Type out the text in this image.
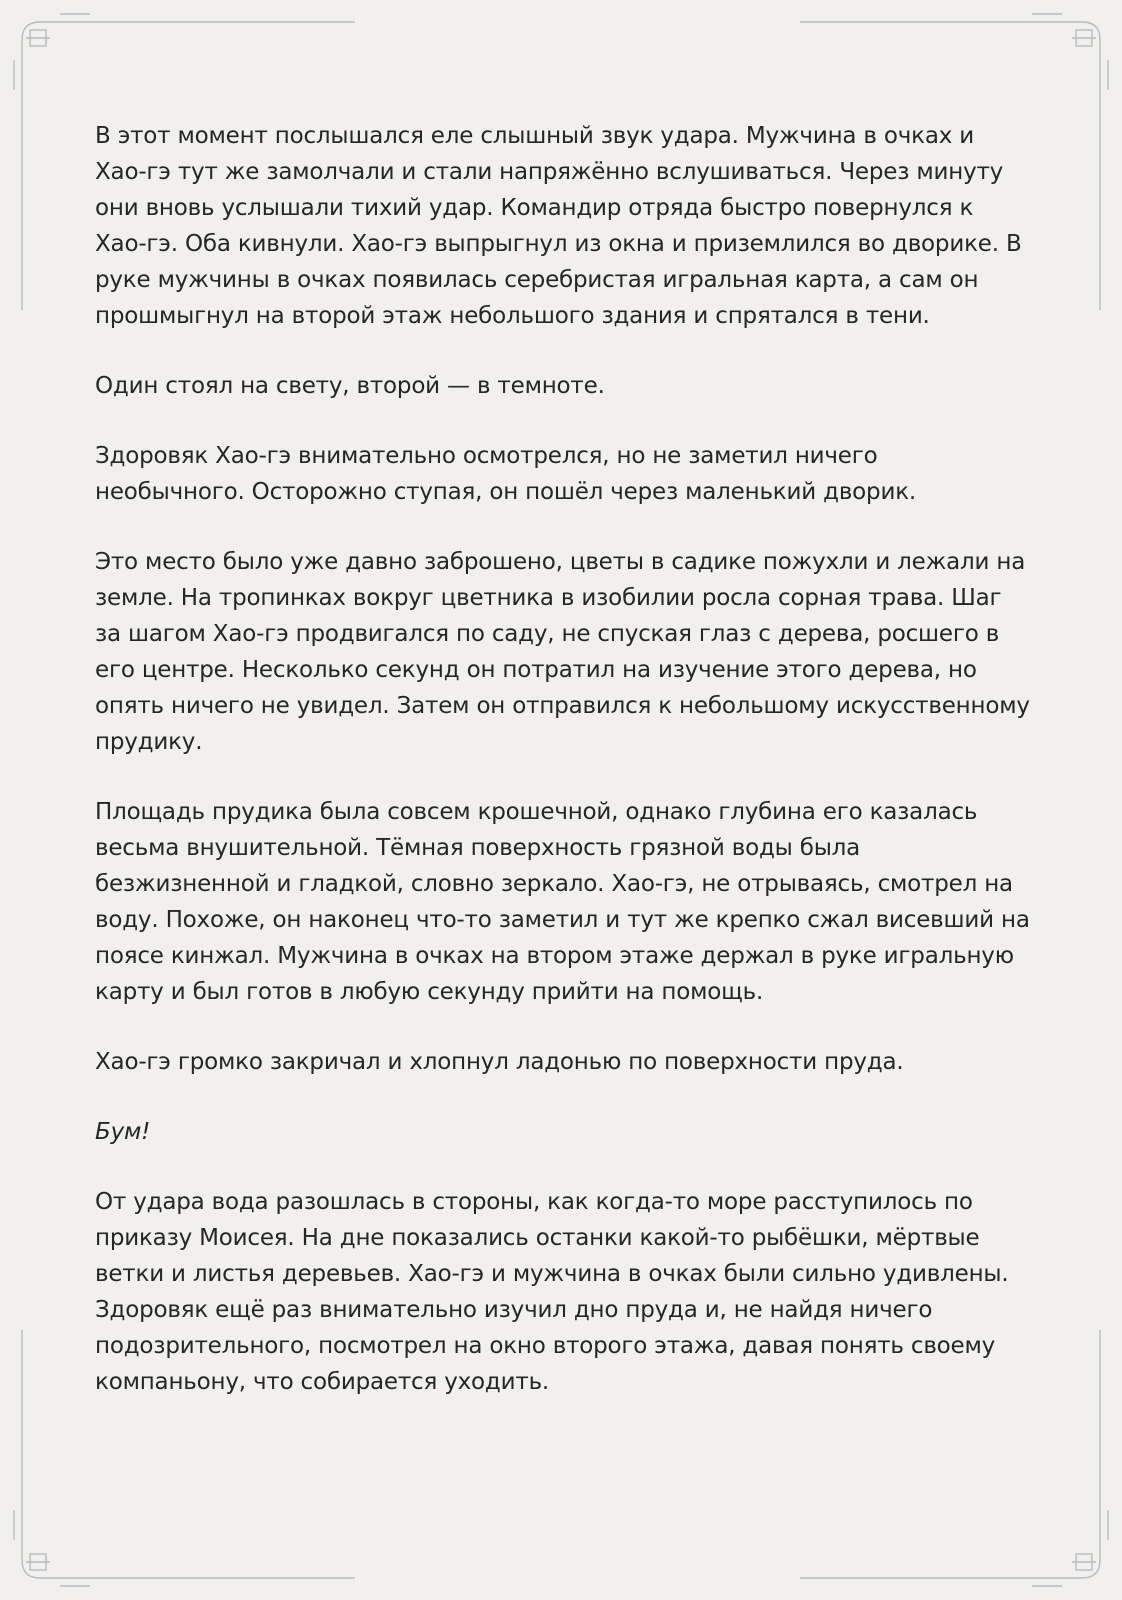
В этот момент послышался еле слышный звук удара. Мужчина в очках и Хао-гэ тут же замолчали и стали напряжённо вслушиваться. Через минуту они вновь услышали тихий удар. Командир отряда быстро повернулся к Хао-гэ. Оба кивнули. Хао-гэ выпрыгнул из окна и приземлился во дворике. В руке мужчины в очках появилась серебристая игральная карта, а сам он прошмыгнул на второй этаж небольшого здания и спрятался в тени.

Один стоял на свету, второй — в темноте.

Здоровяк Хао-гэ внимательно осмотрелся, но не заметил ничего необычного. Осторожно ступая, он пошёл через маленький дворик.

Это место было уже давно заброшено, цветы в садике пожухли и лежали на земле. На тропинках вокруг цветника в изобилии росла сорная трава. Шаг за шагом Хао-гэ продвигался по саду, не спуская глаз с дерева, росшего в его центре. Несколько секунд он потратил на изучение этого дерева, но опять ничего не увидел. Затем он отправился к небольшому искусственному прудику.

Площадь прудика была совсем крошечной, однако глубина его казалась весьма внушительной. Тёмная поверхность грязной воды была безжизненной и гладкой, словно зеркало. Хао-гэ, не отрываясь, смотрел на воду. Похоже, он наконец что-то заметил и тут же крепко сжал висевший на поясе кинжал. Мужчина в очках на втором этаже держал в руке игральную карту и был готов в любую секунду прийти на помощь.

Хао-гэ громко закричал и хлопнул ладонью по поверхности пруда.

Бум!

От удара вода разошлась в стороны, как когда-то море расступилось по приказу Моисея. На дне показались останки какой-то рыбёшки, мёртвые ветки и листья деревьев. Хао-гэ и мужчина в очках были сильно удивлены. Здоровяк ещё раз внимательно изучил дно пруда и, не найдя ничего подозрительного, посмотрел на окно второго этажа, давая понять своему компаньону, что собирается уходить.
